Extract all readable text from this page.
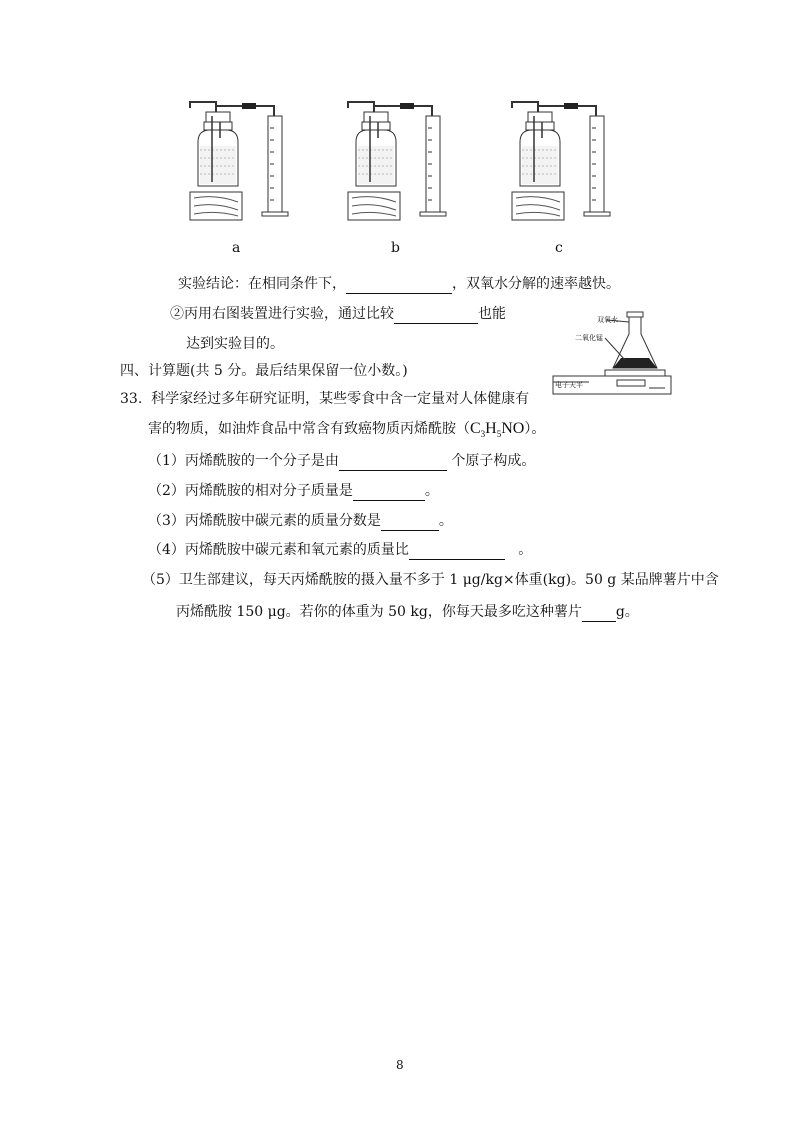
a	b	c
实验结论：在相同条件下，	，双氧水分解的速率越快。
②丙用右图装置进行实验，通过比较	也能
达到实验目的。
双氧水
二氧化锰
电子天平
四、计算题(共 5 分。最后结果保留一位小数。)
33. 科学家经过多年研究证明，某些零食中含一定量对人体健康有
害的物质，如油炸食品中常含有致癌物质丙烯酰胺$(C_3H_5NO)$。
（1）丙烯酰胺的一个分子是由	个原子构成。
（2）丙烯酰胺的相对分子质量是	。
（3）丙烯酰胺中碳元素的质量分数是	。
（4）丙烯酰胺中碳元素和氧元素的质量比	。
（5）卫生部建议，每天丙烯酰胺的摄入量不多于 1 μg/kg×体重(kg)。50 g 某品牌薯片中含
丙烯酰胺 150 μg。若你的体重为 50 kg，你每天最多吃这种薯片 g。
8
